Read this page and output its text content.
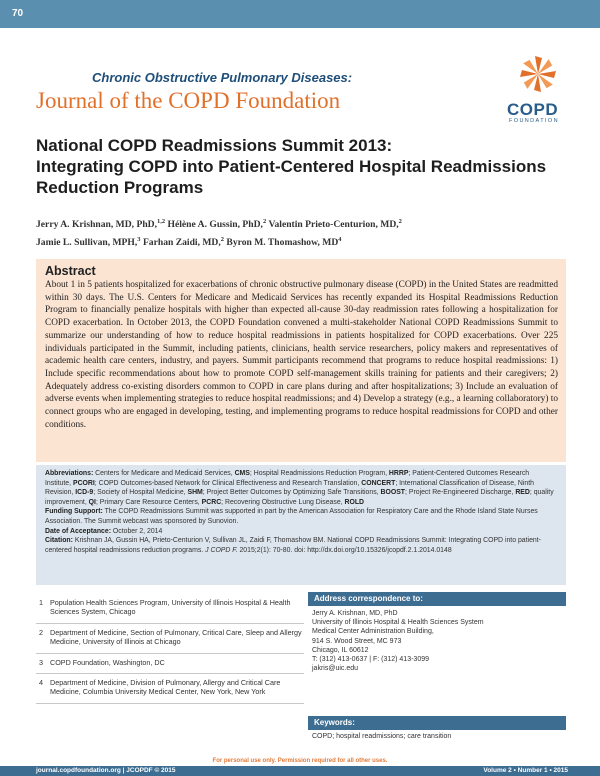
70
Chronic Obstructive Pulmonary Diseases:
Journal of the COPD Foundation	COPD
FOUNDATION
National COPD Readmissions Summit 2013:
Integrating COPD into Patient-Centered Hospital Readmissions
Reduction Programs
Jerry A. Krishnan, MD, PhD,$^{1,2}$ Hélène A. Gussin, PhD,$^2$ Valentin Prieto-Centurion, MD,$^2$
Jamie L. Sullivan, MPH,$^3$ Farhan Zaidi, MD,$^2$ Byron M. Thomashow, $MD^4$
Abstract
About 1 in 5 patients hospitalized for exacerbations of chronic obstructive pulmonary disease (COPD) in the United States are readmitted within 30 days. The U.S. Centers for Medicare and Medicaid Services has recently expanded its Hospital Readmissions Reduction Program to financially penalize hospitals with higher than expected all-cause 30-day readmission rates following a hospitalization for COPD exacerbation. In October 2013, the COPD Foundation convened a multi-stakeholder National COPD Readmissions Summit to summarize our understanding of how to reduce hospital readmissions in patients hospitalized for COPD exacerbations. Over 225 individuals participated in the Summit, including patients, clinicians, health service researchers, policy makers and representatives of academic health care centers, industry, and payers. Summit participants recommend that programs to reduce hospital readmissions: 1) Include specific recommendations about how to promote COPD self-management skills training for patients and their caregivers; 2) Adequately address co-existing disorders common to COPD in care plans during and after hospitalizations; 3) Include an evaluation of adverse events when implementing strategies to reduce hospital readmissions; and 4) Develop a strategy (e.g., a learning collaboratory) to connect groups who are engaged in developing, testing, and implementing programs to reduce hospital readmissions for COPD and other conditions.

Abbreviations: Centers for Medicare and Medicaid Services, CMS; Hospital Readmissions Reduction Program, HRRP; Patient-Centered Outcomes Research Institute, PCORI; COPD Outcomes-based Network for Clinical Effectiveness and Research Translation, CONCERT; International Classification of Disease, Ninth Revision, ICD-9; Society of Hospital Medicine, SHM; Project Better Outcomes by Optimizing Safe Transitions, BOOST; Project Re-Engineered Discharge, RED; quality improvement, QI; Primary Care Resource Centers, PCRC; Recovering Obstructive Lung Disease, ROLD

Funding Support: The COPD Readmissions Summit was supported in part by the American Association for Respiratory Care and the Rhode Island State Nurses Association. The Summit webcast was sponsored by Sunovion.

Date of Acceptance: October 2, 2014

Citation: Krishnan JA, Gussin HA, Prieto-Centurion V, Sullivan JL, Zaidi F, Thomashow BM. National COPD Readmissions Summit: Integrating COPD into patient-centered hospital readmissions reduction programs. J COPD F. 2015;2(1): 70-80. doi: http://dx.doi.org/10.15326/jcopdf.2.1.2014.0148

1 Population Health Sciences Program, University of Illinois Hospital & Health Sciences System, Chicago
2 Department of Medicine, Section of Pulmonary, Critical Care, Sleep and Allergy Medicine, University of Illinois at Chicago
3 COPD Foundation, Washington, DC
4 Department of Medicine, Division of Pulmonary, Allergy and Critical Care Medicine, Columbia University Medical Center, New York, New York
Address correspondence to:
Jerry A. Krishnan, MD, PhD
University of Illinois Hospital & Health Sciences System
Medical Center Administration Building,
914 S. Wood Street, MC 973
Chicago, IL 60612
T: (312) 413-0637 | F: (312) 413-3099
jakris@uic.edu
Keywords:
COPD; hospital readmissions; care transition
For personal use only. Permission required for all other uses.
journal.copdfoundation.org | JCOPDF © 2015	Volume 2 • Number 1 • 2015
